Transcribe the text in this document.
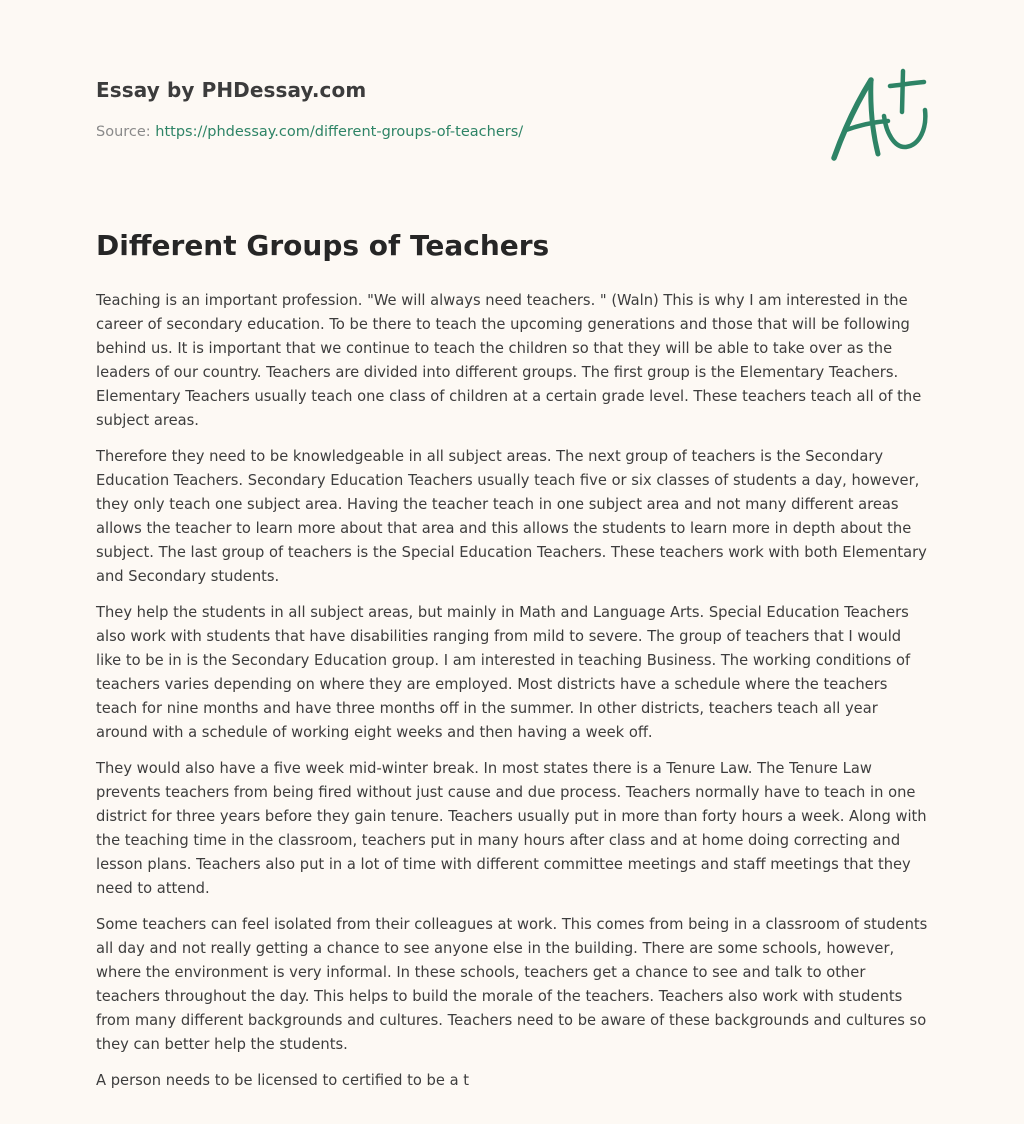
Essay by PHDessay.com
Source: https://phdessay.com/different-groups-of-teachers/
Different Groups of Teachers

Teaching is an important profession. "We will always need teachers. " (Waln) This is why I am interested in the career of secondary education. To be there to teach the upcoming generations and those that will be following behind us. It is important that we continue to teach the children so that they will be able to take over as the leaders of our country. Teachers are divided into different groups. The first group is the Elementary Teachers. Elementary Teachers usually teach one class of children at a certain grade level. These teachers teach all of the subject areas.

Therefore they need to be knowledgeable in all subject areas. The next group of teachers is the Secondary Education Teachers. Secondary Education Teachers usually teach five or six classes of students a day, however, they only teach one subject area. Having the teacher teach in one subject area and not many different areas allows the teacher to learn more about that area and this allows the students to learn more in depth about the subject. The last group of teachers is the Special Education Teachers. These teachers work with both Elementary and Secondary students.

They help the students in all subject areas, but mainly in Math and Language Arts. Special Education Teachers also work with students that have disabilities ranging from mild to severe. The group of teachers that I would like to be in is the Secondary Education group. I am interested in teaching Business. The working conditions of teachers varies depending on where they are employed. Most districts have a schedule where the teachers teach for nine months and have three months off in the summer. In other districts, teachers teach all year around with a schedule of working eight weeks and then having a week off.

They would also have a five week mid-winter break. In most states there is a Tenure Law. The Tenure Law prevents teachers from being fired without just cause and due process. Teachers normally have to teach in one district for three years before they gain tenure. Teachers usually put in more than forty hours a week. Along with the teaching time in the classroom, teachers put in many hours after class and at home doing correcting and lesson plans. Teachers also put in a lot of time with different committee meetings and staff meetings that they need to attend.

Some teachers can feel isolated from their colleagues at work. This comes from being in a classroom of students all day and not really getting a chance to see anyone else in the building. There are some schools, however, where the environment is very informal. In these schools, teachers get a chance to see and talk to other teachers throughout the day. This helps to build the morale of the teachers. Teachers also work with students from many different backgrounds and cultures. Teachers need to be aware of these backgrounds and cultures so they can better help the students.

A person needs to be licensed to certified to be a t
